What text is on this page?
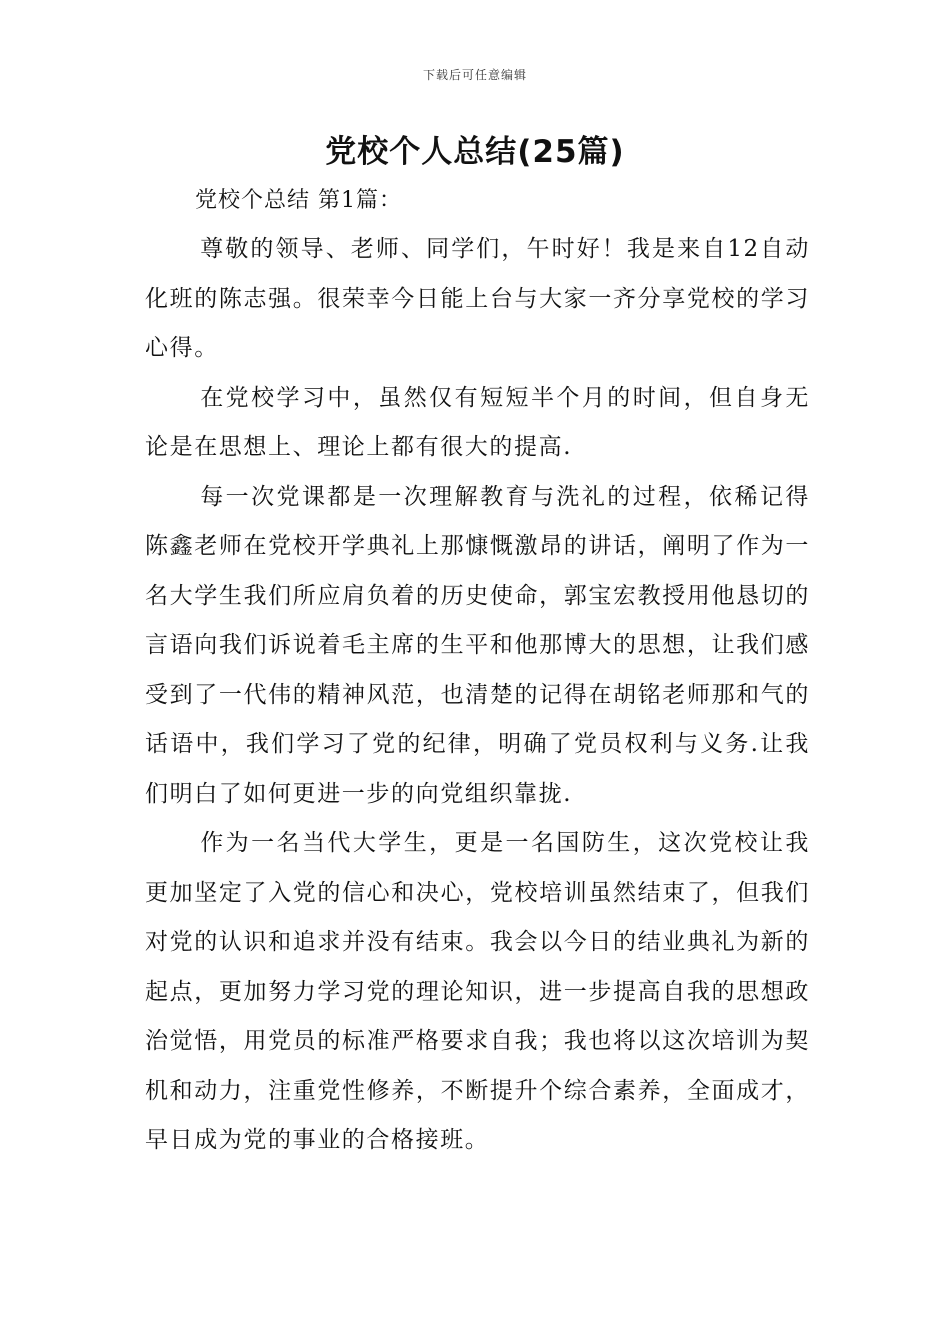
下载后可任意编辑
党校个人总结(25篇)
党校个总结 第1篇：

尊敬的领导、老师、同学们，午时好！我是来自12自动化班的陈志强。很荣幸今日能上台与大家一齐分享党校的学习心得。

在党校学习中，虽然仅有短短半个月的时间，但自身无论是在思想上、理论上都有很大的提高.

每一次党课都是一次理解教育与洗礼的过程，依稀记得陈鑫老师在党校开学典礼上那慷慨激昂的讲话，阐明了作为一名大学生我们所应肩负着的历史使命，郭宝宏教授用他恳切的言语向我们诉说着毛主席的生平和他那博大的思想，让我们感受到了一代伟的精神风范，也清楚的记得在胡铭老师那和气的话语中，我们学习了党的纪律，明确了党员权利与义务.让我们明白了如何更进一步的向党组织靠拢.

作为一名当代大学生，更是一名国防生，这次党校让我更加坚定了入党的信心和决心，党校培训虽然结束了，但我们对党的认识和追求并没有结束。我会以今日的结业典礼为新的起点，更加努力学习党的理论知识，进一步提高自我的思想政治觉悟，用党员的标准严格要求自我；我也将以这次培训为契机和动力，注重党性修养，不断提升个综合素养，全面成才，早日成为党的事业的合格接班。
